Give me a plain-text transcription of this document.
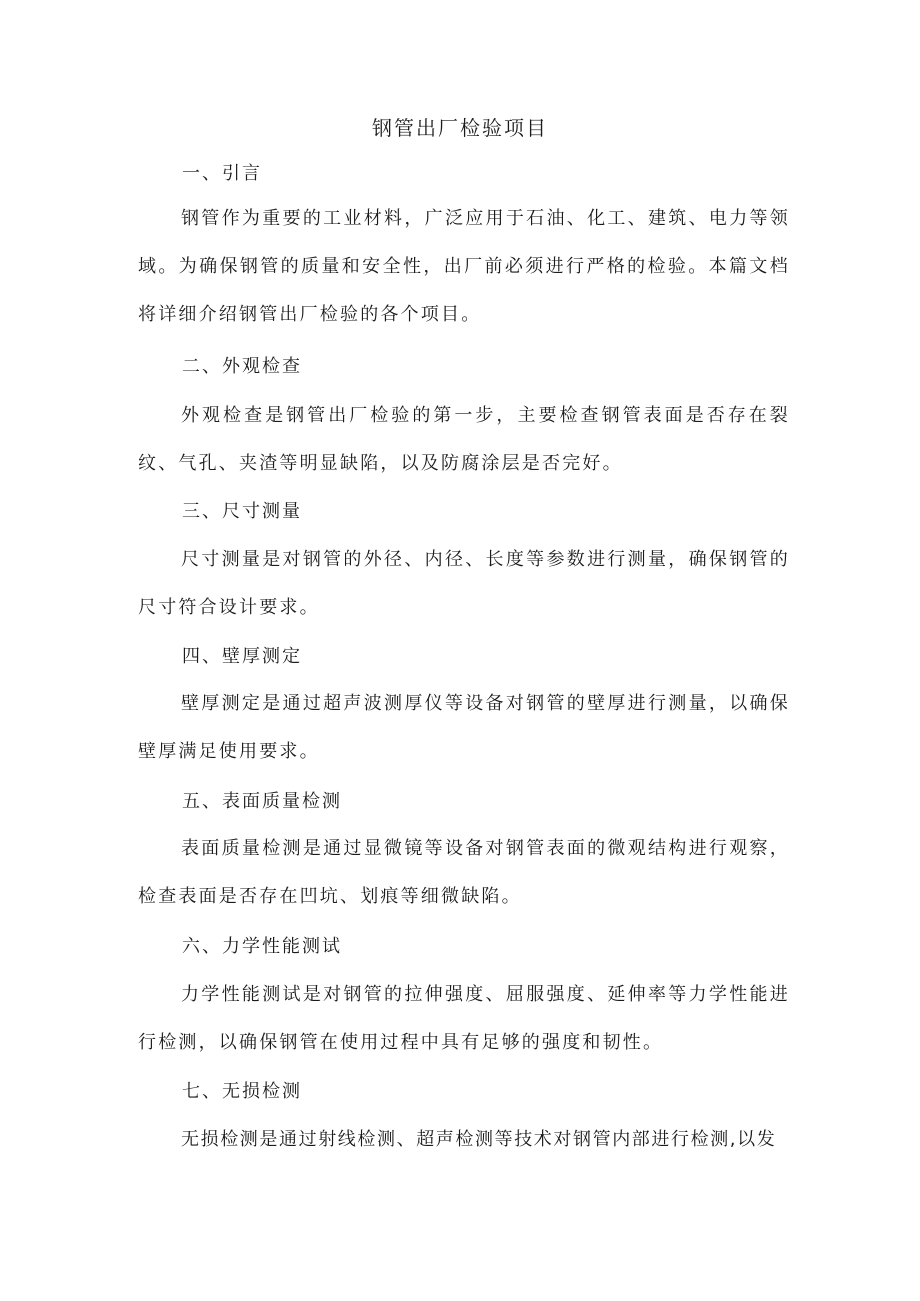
钢管出厂检验项目
一、引言

钢管作为重要的工业材料，广泛应用于石油、化工、建筑、电力等领域。为确保钢管的质量和安全性，出厂前必须进行严格的检验。本篇文档将详细介绍钢管出厂检验的各个项目。

二、外观检查

外观检查是钢管出厂检验的第一步，主要检查钢管表面是否存在裂纹、气孔、夹渣等明显缺陷，以及防腐涂层是否完好。

三、尺寸测量

尺寸测量是对钢管的外径、内径、长度等参数进行测量，确保钢管的尺寸符合设计要求。

四、壁厚测定

壁厚测定是通过超声波测厚仪等设备对钢管的壁厚进行测量，以确保壁厚满足使用要求。

五、表面质量检测

表面质量检测是通过显微镜等设备对钢管表面的微观结构进行观察，检查表面是否存在凹坑、划痕等细微缺陷。

六、力学性能测试

力学性能测试是对钢管的拉伸强度、屈服强度、延伸率等力学性能进行检测，以确保钢管在使用过程中具有足够的强度和韧性。

七、无损检测

无损检测是通过射线检测、超声检测等技术对钢管内部进行检测,以发
